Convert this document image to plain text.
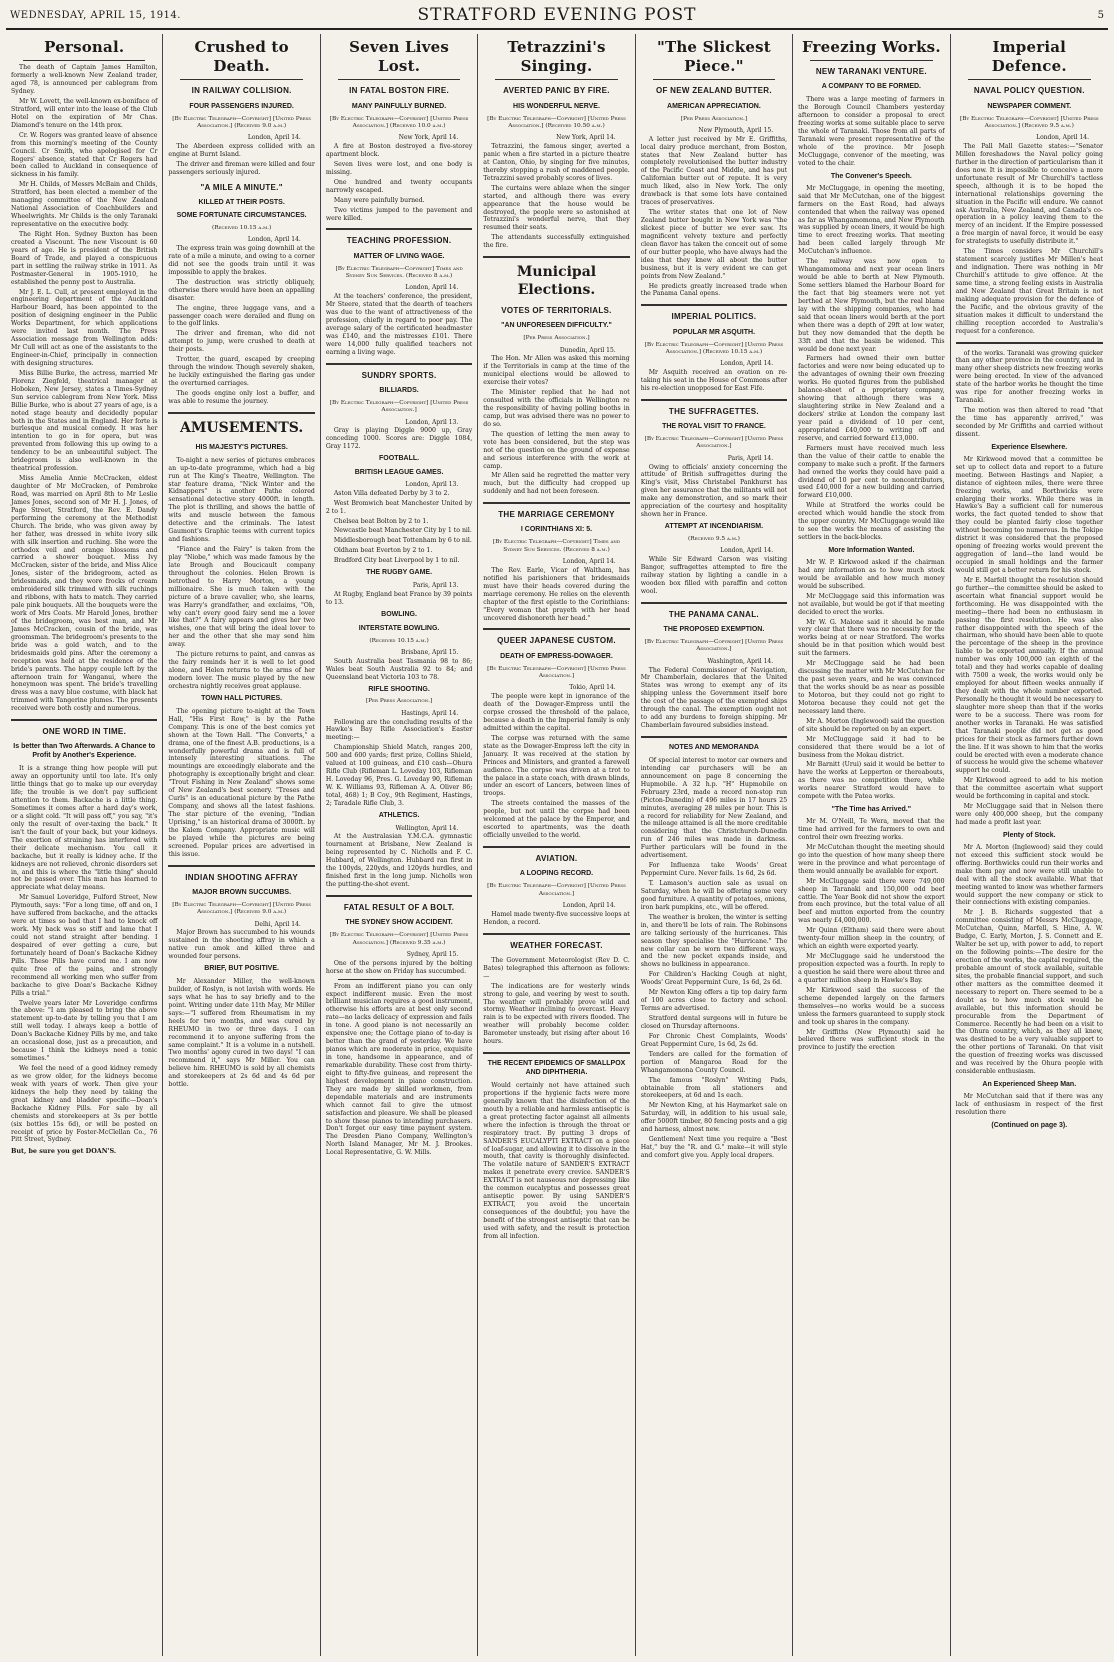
WEDNESDAY, APRIL 15, 1914.	STRATFORD EVENING POST	5
Personal.

The death of Captain James Hamilton, formerly a well-known New Zealand trader, aged 78, is announced per cablegram from Sydney.

Mr W. Lovett, the well-known ex-boniface of Stratford, will enter into the lease of the Club Hotel on the expiration of Mr Chas. Diamond's tenure on the 14th prox.

Cr. W. Rogers was granted leave of absence from this morning's meeting of the County Council. Cr Smith, who apologised for Cr Rogers' absence, stated that Cr Rogers had been called to Auckland in consequence of sickness in his family.

Mr H. Childs, of Messrs McBain and Childs, Stratford, has been elected a member of the managing committee of the New Zealand National Association of Coachbuilders and Wheelwrights. Mr Childs is the only Taranaki representative on the executive body.

The Right Hon. Sydney Buxton has been created a Viscount. The new Viscount is 60 years of age. He is president of the British Board of Trade, and played a conspicuous part in settling the railway strike in 1911. As Postmaster-General in 1905-1910, he established the penny post to Australia.

Mr J. E. L. Cull, at present employed in the engineering department of the Auckland Harbour Board, has been appointed to the position of designing engineer in the Public Works Department, for which applications were invited last month. The Press Association message from Wellington adds: Mr Cull will act as one of the assistants to the Engineer-in-Chief, principally in connection with designing structures.

Miss Billie Burke, the actress, married Mr Florenz Ziegfeld, theatrical manager at Hoboken, New Jersey, states a Times-Sydney Sun service cablegram from New York. Miss Billie Burke, who is about 27 years of age, is a noted stage beauty and decidedly popular both in the States and in England. Her forte is burlesque and musical comedy. It was her intention to go in for opera, but was prevented from following this up owing to a tendency to be an unbeautiful subject. The bridegroom is also well-known in the theatrical profession.

Miss Amelia Annie McCracken, eldest daughter of Mr McCracken, of Pembroke Road, was married on April 8th to Mr Leslie James Jones, second son of Mr H. J. Jones, of Page Street, Stratford, the Rev. E. Dandy performing the ceremony at the Methodist Church. The bride, who was given away by her father, was dressed in white ivory silk with silk insertion and ruching. She wore the orthodox veil and orange blossoms and carried a shower bouquet. Miss Ivy McCracken, sister of the bride, and Miss Alice Jones, sister of the bridegroom, acted as bridesmaids, and they wore frocks of cream embroidered silk trimmed with silk ruchings and ribbons, with hats to match. They carried pale pink bouquets. All the bouquets were the work of Mrs Coats. Mr Harold Jones, brother of the bridegroom, was best man, and Mr James McCracken, cousin of the bride, was groomsman. The bridegroom's presents to the bride was a gold watch, and to the bridesmaids gold pins. After the ceremony a reception was held at the residence of the bride's parents. The happy couple left by the afternoon train for Wanganui, where the honeymoon was spent. The bride's travelling dress was a navy blue costume, with black hat trimmed with Tangerine plumes. The presents received were both costly and numerous.

ONE WORD IN TIME.
Is better than Two Afterwards. A Chance to Profit by Another's Experience.

It is a strange thing how people will put away an opportunity until too late. It's only little things that go to make up our everyday life; the trouble is we don't pay sufficient attention to them. Backache is a little thing. Sometimes it comes after a hard day's work, or a slight cold. "It will pass off," you say, "it's only the result of over-taxing the back." It isn't the fault of your back, but your kidneys. The exertion of straining has interfered with their delicate mechanism. You call it backache, but it really is kidney ache. If the kidneys are not relieved, chronic disorders set in, and this is where the "little thing" should not be passed over. This man has learned to appreciate what delay means.

Mr Samuel Loveridge, Fulford Street, New Plymouth, says: "For a long time, off and on, I have suffered from backache, and the attacks were at times so bad that I had to knock off work. My back was so stiff and lame that I could not stand straight after bending. I despaired of ever getting a cure, but fortunately heard of Doan's Backache Kidney Pills. These Pills have cured me. I am now quite free of the pains, and strongly recommend all working men who suffer from backache to give Doan's Backache Kidney Pills a trial."

Twelve years later Mr Loveridge confirms the above: "I am pleased to bring the above statement up-to-date by telling you that I am still well today. I always keep a bottle of Doan's Backache Kidney Pills by me, and take an occasional dose, just as a precaution, and because I think the kidneys need a tonic sometimes."

We feel the need of a good kidney remedy as we grow older, for the kidneys become weak with years of work. Then give your kidneys the help they need by taking the great kidney and bladder specific—Doan's Backache Kidney Pills. For sale by all chemists and storekeepers at 3s per bottle (six bottles 15s 6d), or will be posted on receipt of price by Foster-McClellan Co., 76 Pitt Street, Sydney.

But, be sure you get DOAN'S.
Crushed to Death.
IN RAILWAY COLLISION.
FOUR PASSENGERS INJURED.
[By Electric Telegraph—Copyright] [United Press Association.] (Received 9.0 a.m.)
London, April 14.

The Aberdeen express collided with an engine at Burnt Island.

The driver and fireman were killed and four passengers seriously injured.

"A MILE A MINUTE."
KILLED AT THEIR POSTS.
SOME FORTUNATE CIRCUMSTANCES.
(Received 10.15 a.m.)
London, April 14.

The express train was going downhill at the rate of a mile a minute, and owing to a corner did not see the goods train until it was impossible to apply the brakes.

The destruction was strictly obliquely, otherwise there would have been an appalling disaster.

The engine, three luggage vans, and a passenger coach were derailed and flung on to the golf links.

The driver and fireman, who did not attempt to jump, were crushed to death at their posts.

Trotter, the guard, escaped by creeping through the window. Though severely shaken, he luckily extinguished the flaring gas under the overturned carriages.

The goods engine only lost a buffer, and was able to resume the journey.

AMUSEMENTS.
HIS MAJESTY'S PICTURES.

To-night a new series of pictures embraces an up-to-date programme, which had a big run at The King's Theatre, Wellington. The star feature drama, "Nick Winter and the Kidnappers" is another Pathe colored sensational detective story 4000ft. in length. The plot is thrilling, and shows the battle of wits and muscle between the famous detective and the criminals. The latest Gaumont's Graphic teems with current topics and fashions.

"Fiance and the Fairy" is taken from the play "Niobe," which was made famous by the late Brough and Boucicault company throughout the colonies. Helen Brown is betrothed to Harry Morton, a young millionaire. She is much taken with the picture of a brave cavalier, who, she learns, was Harry's grandfather, and exclaims, "Oh, why can't every good fairy send me a lover like that?" A fairy appears and gives her two wishes, one that will bring the ideal lover to her and the other that she may send him away.

The picture returns to paint, and canvas as the fairy reminds her it is well to let good alone, and Helen returns to the arms of her modern lover. The music played by the new orchestra nightly receives great applause.

TOWN HALL PICTURES.

The opening picture to-night at the Town Hall, "His First Row," is by the Pathe Company. This is one of the best comics yet shown at the Town Hall. "The Converts," a drama, one of the finest A.B. productions, is a wonderfully powerful drama and is full of intensely interesting situations. The mountings are exceedingly elaborate and the photography is exceptionally bright and clear. "Trout Fishing in New Zealand" shows some of New Zealand's best scenery. "Treses and Curls" is an educational picture by the Pathe Company, and shows all the latest fashions. The star picture of the evening, "Indian Uprising," is an historical drama of 3000ft. by the Kalem Company. Appropriate music will be played while the pictures are being screened. Popular prices are advertised in this issue.

INDIAN SHOOTING AFFRAY
MAJOR BROWN SUCCUMBS.
[By Electric Telegraph—Copyright] [United Press Association.] (Received 9.0 a.m.)
Delhi, April 14.

Major Brown has succumbed to his wounds sustained in the shooting affray in which a native run amok and killed three and wounded four persons.

BRIEF, BUT POSITIVE.

Mr Alexander Miller, the well-known builder, of Roslyn, is not lavish with words. He says what he has to say briefly and to the point. Writing under date 11th May, Mr Miller says:—"I suffered from Rheumatism in my heels for two months, and was cured by RHEUMO in two or three days. I can recommend it to anyone suffering from the same complaint." It is a volume in a nutshell. Two months' agony cured in two days! "I can recommend it," says Mr Miller. You can believe him. RHEUMO is sold by all chemists and storekeepers at 2s 6d and 4s 6d per bottle.

Seven Lives Lost.
IN FATAL BOSTON FIRE.
MANY PAINFULLY BURNED.
[By Electric Telegraph—Copyright] [United Press Association.] (Received 10.0 a.m.)
New York, April 14.

A fire at Boston destroyed a five-storey apartment block.

Seven lives were lost, and one body is missing.

One hundred and twenty occupants narrowly escaped.

Many were painfully burned.

Two victims jumped to the pavement and were killed.

TEACHING PROFESSION.
MATTER OF LIVING WAGE.
[By Electric Telegraph—Copyright] Times and Sydney Sun Services. (Received 8 a.m.)
London, April 14.

At the teachers' conference, the president, Mr Steere, stated that the dearth of teachers was due to the want of attractiveness of the profession, chiefly in regard to poor pay. The average salary of the certificated headmaster was £140, and the mistresses £101. There were 14,000 fully qualified teachers not earning a living wage.

SUNDRY SPORTS.
BILLIARDS.
[By Electric Telegraph—Copyright] [United Press Association.]
London, April 13.

Gray is playing Diggle 9000 up, Gray conceding 1000. Scores are: Diggle 1084, Gray 1172.

FOOTBALL.
BRITISH LEAGUE GAMES.
London, April 13.

Aston Villa defeated Derby by 3 to 2.

West Bromwich beat Manchester United by 2 to 1.

Chelsea beat Bolton by 2 to 1.

Newcastle beat Manchester City by 1 to nil.

Middlesborough beat Tottenham by 6 to nil.

Oldham beat Everton by 2 to 1.

Bradford City beat Liverpool by 1 to nil.

THE RUGBY GAME.
Paris, April 13.

At Rugby, England beat France by 39 points to 13.

BOWLING.
INTERSTATE BOWLING.
(Received 10.15 a.m.)
Brisbane, April 15.

South Australia beat Tasmania 98 to 86; Wales beat South Australia 92 to 84; and Queensland beat Victoria 103 to 78.

RIFLE SHOOTING.
[Per Press Association.]
Hastings, April 14.

Following are the concluding results of the Hawke's Bay Rifle Association's Easter meeting:—

Championship Shield Match, ranges 200, 500 and 600 yards; first prize, Collins Shield, valued at 100 guineas, and £10 cash—Ohura Rifle Club (Rifleman L. Loveday 103, Rifleman H. Loveday 96, Pres. G. Loveday 90, Rifleman W. K. Williams 93, Rifleman A. A. Oliver 86; total, 468) 1; B Coy., 9th Regiment, Hastings, 2; Taradale Rifle Club, 3.

ATHLETICS.
Wellington, April 14.

At the Australasian Y.M.C.A. gymnastic tournament at Brisbane, New Zealand is being represented by C. Nicholls and F. C. Hubbard, of Wellington. Hubbard ran first in the 100yds, 220yds, and 120yds hurdles, and finished first in the long jump. Nicholls won the putting-the-shot event.

FATAL RESULT OF A BOLT.
THE SYDNEY SHOW ACCIDENT.
[By Electric Telegraph—Copyright] [United Press Association.] (Received 9.35 a.m.)
Sydney, April 15.

One of the persons injured by the bolting horse at the show on Friday has succumbed.

From an indifferent piano you can only expect indifferent music. Even the most brilliant musician requires a good instrument, otherwise his efforts are at best only second rate—no lacks delicacy of expression and fails in tone. A good piano is not necessarily an expensive one; the Cottage piano of to-day is better than the grand of yesterday. We have pianos which are moderate in price, exquisite in tone, handsome in appearance, and of remarkable durability. These cost from thirty-eight to fifty-five guineas, and represent the highest development in piano construction. They are made by skilled workmen, from dependable materials and are instruments which cannot fail to give the utmost satisfaction and pleasure. We shall be pleased to show these pianos to intending purchasers. Don't forget our easy time payment system. The Dresden Piano Company, Wellington's North Island Manager, Mr M. J. Brookes. Local Representative, G. W. Mills.

Tetrazzini's Singing.
AVERTED PANIC BY FIRE.
HIS WONDERFUL NERVE.
[By Electric Telegraph—Copyright] [United Press Association.] (Received 10.50 a.m.)
New York, April 14.

Tetrazzini, the famous singer, averted a panic when a fire started in a picture theatre at Canton, Ohio, by singing for five minutes, thereby stopping a rush of maddened people. Tetrazzini saved probably scores of lives.

The curtains were ablaze when the singer started, and although there was every appearance that the house would be destroyed, the people were so astonished at Tetrazzini's wonderful nerve, that they resumed their seats.

The attendants successfully extinguished the fire.

Municipal Elections.
VOTES OF TERRITORIALS.
"AN UNFORESEEN DIFFICULTY."
[Per Press Association.]
Dunedin, April 15.

The Hon. Mr Allen was asked this morning if the Territorials in camp at the time of the municipal elections would be allowed to exercise their votes?

The Minister replied that he had not consulted with the officials in Wellington re the responsibility of having polling booths in camp, but was advised there was no power to do so.

The question of letting the men away to vote has been considered, but the step was not of the question on the ground of expense and serious interference with the work at camp.

Mr Allen said he regretted the matter very much, but the difficulty had cropped up suddenly and had not been foreseen.

THE MARRIAGE CEREMONY
I CORINTHIANS XI: 5.
[By Electric Telegraph—Copyright] Times and Sydney Sun Services. (Received 8 a.m.)
London, April 14.

The Rev. Earle, Vicar of Waltham, has notified his parishioners that bridesmaids must have their heads covered during the marriage ceremony. He relies on the eleventh chapter of the first epistle to the Corinthians: "Every woman that prayeth with her head uncovered dishonoreth her head."

QUEER JAPANESE CUSTOM.
DEATH OF EMPRESS-DOWAGER.
[By Electric Telegraph—Copyright] [United Press Association.]
Tokio, April 14.

The people were kept in ignorance of the death of the Dowager-Empress until the corpse crossed the threshold of the palace, because a death in the Imperial family is only admitted within the capital.

The corpse was returned with the same state as the Dowager-Empress left the city in January. It was received at the station by Princes and Ministers, and granted a farewell audience. The corpse was driven at a trot to the palace in a state coach, with drawn blinds, under an escort of Lancers, between lines of troops.

The streets contained the masses of the people, but not until the corpse had been welcomed at the palace by the Emperor, and escorted to apartments, was the death officially unveiled to the world.

AVIATION.
A LOOPING RECORD.
[By Electric Telegraph—Copyright] [United Press Association.]
London, April 14.

Hamel made twenty-five successive loops at Hendon, a record.

WEATHER FORECAST.

The Government Meteorologist (Rev D. C. Bates) telegraphed this afternoon as follows:—

The indications are for westerly winds strong to gale, and veering by west to south. The weather will probably prove wild and stormy. Weather inclining to overcast. Heavy rain is to be expected with rivers flooded. The weather will probably become colder. Barometer unsteady, but rising after about 16 hours.

THE RECENT EPIDEMICS OF SMALLPOX AND DIPHTHERIA.

Would certainly not have attained such proportions if the hygienic facts were more generally known that the disinfection of the mouth by a reliable and harmless antiseptic is a great protecting factor against all ailments where the infection is through the throat or respiratory tract. By putting 3 drops of SANDER'S EUCALYPTI EXTRACT on a piece of loaf-sugar, and allowing it to dissolve in the mouth, that cavity is thoroughly disinfected. The volatile nature of SANDER'S EXTRACT makes it penetrate every crevice. SANDER'S EXTRACT is not nauseous nor depressing like the common eucalyptus and possesses great antiseptic power. By using SANDER'S EXTRACT, you avoid the uncertain consequences of the doubtful; you have the benefit of the strongest antiseptic that can be used with safety, and the result is protection from all infection.

"The Slickest Piece."
OF NEW ZEALAND BUTTER.
AMERICAN APPRECIATION.
[Per Press Association.]
New Plymouth, April 15.

A letter just received by Mr E. Griffiths, local dairy produce merchant, from Boston, states that New Zealand butter has completely revolutionised the butter industry of the Pacific Coast and Middle, and has put Californian butter out of repute. It is very much liked, also in New York. The only drawback is that some lots have contained traces of preservatives.

The writer states that one lot of New Zealand butter bought in New York was "the slickest piece of butter we ever saw. Its magnificent velvety texture and perfectly clean flavor has taken the conceit out of some of our butter people, who have always had the idea that they knew all about the butter business, but it is very evident we can get points from New Zealand."

He predicts greatly increased trade when the Panama Canal opens.

IMPERIAL POLITICS.
POPULAR MR ASQUITH.
[By Electric Telegraph—Copyright] [United Press Association.] (Received 10.15 a.m.)
London, April 14.

Mr Asquith received an ovation on re-taking his seat in the House of Commons after his re-election unopposed for East Fife.

THE SUFFRAGETTES.
THE ROYAL VISIT TO FRANCE.
[By Electric Telegraph—Copyright] [United Press Association.]
Paris, April 14.

Owing to officials' anxiety concerning the attitude of British suffragettes during the King's visit, Miss Christabel Pankhurst has given her assurance that the militants will not make any demonstration, and so mark their appreciation of the courtesy and hospitality shown her in France.

ATTEMPT AT INCENDIARISM.
(Received 9.5 a.m.)
London, April 14.

While Sir Edward Carson was visiting Bangor, suffragettes attempted to fire the railway station by lighting a candle in a wooden box filled with paraffin and cotton wool.

THE PANAMA CANAL.
THE PROPOSED EXEMPTION.
[By Electric Telegraph—Copyright] [United Press Association.]
Washington, April 14.

The Federal Commissioner of Navigation, Mr Chamberlain, declares that the United States was wrong to exempt any of its shipping unless the Government itself bore the cost of the passage of the exempted ships through the canal. The exemption ought not to add any burdens to foreign shipping. Mr Chamberlain favoured subsidies instead.

NOTES AND MEMORANDA

Of special interest to motor car owners and intending car purchasers will be an announcement on page 8 concerning the Hupmobile. A 32 h.p. "H" Hupmobile on February 23rd, made a record non-stop run (Picton-Dunedin) of 496 miles in 17 hours 25 minutes, averaging 28 miles per hour. This is a record for reliability for New Zealand, and the mileage attained is all the more creditable considering that the Christchurch-Dunedin run of 246 miles was made in darkness. Further particulars will be found in the advertisement.

For Influenza take Woods' Great Peppermint Cure. Never fails. 1s 6d, 2s 6d.

T. Lamason's auction sale as usual on Saturday, when he will be offering some very good furniture. A quantity of potatoes, onions, iron bark pumpkins, etc., will be offered.

The weather is broken, the winter is setting in, and there'll be lots of rain. The Robinsons are talking seriously of the hurricanes. This season they specialise the "Hurricane." The new collar can be worn two different ways, and the new pocket expands inside, and shows no bulkiness in appearance.

For Children's Hacking Cough at night, Woods' Great Peppermint Cure, 1s 6d, 2s 6d.

Mr Newton King offers a tip top dairy farm of 100 acres close to factory and school. Terms are advertised.

Stratford dental surgeons will in future be closed on Thursday afternoons.

For Chronic Chest Complaints, Woods' Great Peppermint Cure, 1s 6d, 2s 6d.

Tenders are called for the formation of portion of Mangaroa Road for the Whangamomona County Council.

The famous "Roslyn" Writing Pads, obtainable from all stationers and storekeepers, at 6d and 1s each.

Mr Newton King, at his Haymarket sale on Saturday, will, in addition to his usual sale, offer 5000ft timber, 80 fencing posts and a gig and harness, almost new.

Gentlemen! Next time you require a "Best Hat," buy the "R. and G." make—it will style and comfort give you. Apply local drapers.

Freezing Works.
NEW TARANAKI VENTURE.
A COMPANY TO BE FORMED.

There was a large meeting of farmers in the Borough Council Chambers yesterday afternoon to consider a proposal to erect freezing works at some suitable place to serve the whole of Taranaki. Those from all parts of Taranaki were present representative of the whole of the province. Mr Joseph McCluggage, convenor of the meeting, was voted to the chair.

The Convener's Speech.

Mr McCluggage, in opening the meeting, said that Mr McCutchan, one of the biggest farmers on the East Road, had always contended that when the railway was opened as far as Whangamomona, and New Plymouth was supplied by ocean liners, it would be high time to erect freezing works. That meeting had been called largely through Mr McCutchan's influence.

The railway was now open to Whangamomona and next year ocean liners would be able to berth at New Plymouth. Some settlers blamed the Harbour Board for the fact that big steamers were not yet berthed at New Plymouth, but the real blame lay with the shipping companies, who had said that ocean liners would berth at the port when there was a depth of 29ft at low water, but they now demanded that the depth be 33ft and that the basin be widened. This would be done next year.

Farmers had owned their own butter factories and were now being educated up to the advantages of owning their own freezing works. He quoted figures from the published balance-sheet of a proprietary company, showing that although there was a slaughtering strike in New Zealand and a dockers' strike at London the company last year paid a dividend of 10 per cent, appropriated £40,000 to writing off and reserve, and carried forward £13,000.

Farmers must have received much less than the value of their cattle to enable the company to make such a profit. If the farmers had owned the works they could have paid a dividend of 10 per cent to noncontributors, used £40,000 for a new building and carried forward £10,000.

While at Stratford the works could be erected which would handle the stock from the upper country. Mr McCluggage would like to see the works the means of assisting the settlers in the back-blocks.

More Information Wanted.

Mr W. P. Kirkwood asked if the chairman had any information as to how much stock would be available and how much money would be subscribed.

Mr McCluggage said this information was not available, but would be got if that meeting decided to erect the works.

Mr W. G. Malone said it should be made very clear that there was no necessity for the works being at or near Stratford. The works should be in that position which would best suit the farmers.

Mr McCluggage said he had been discussing the matter with Mr McCutchan for the past seven years, and he was convinced that the works should be as near as possible to Motoroa, but they could not go right to Motoroa because they could not get the necessary land there.

Mr A. Morton (Inglewood) said the question of site should be reported on by an expert.

Mr McCluggage said it had to be considered that there would be a lot of business from the Mokau district.

Mr Barnitt (Urui) said it would be better to have the works at Lepperton or thereabouts, as there was no competition there, while works nearer Stratford would have to compete with the Patea works.

"The Time has Arrived."

Mr M. O'Neill, Te Wera, moved that the time had arrived for the farmers to own and control their own freezing works.

Mr McCutchan thought the meeting should go into the question of how many sheep there were in the province and what percentage of them would annually be available for export.

Mr McCluggage said there were 749,000 sheep in Taranaki and 150,000 odd beef cattle. The Year Book did not show the export from each province, but the total value of all beef and mutton exported from the country was nearly £4,000,000.

Mr Quinn (Eltham) said there were about twenty-four million sheep in the country, of which an eighth were exported yearly.

Mr McCluggage said he understood the proposition expected was a fourth. In reply to a question he said there were about three and a quarter million sheep in Hawke's Bay.

Mr Kirkwood said the success of the scheme depended largely on the farmers themselves—no works would be a success unless the farmers guaranteed to supply stock and took up shares in the company.

Mr Griffiths (New Plymouth) said he believed there was sufficient stock in the province to justify the erection

Imperial Defence.
NAVAL POLICY QUESTION.
NEWSPAPER COMMENT.
[By Electric Telegraph—Copyright] [United Press Association.] (Received 9.5 a.m.)
London, April 14.

The Pall Mall Gazette states:—"Senator Millen foreshadows the Naval policy going further in the direction of particularism than it does now. It is impossible to conceive a more unfortunate result of Mr Churchill's tactless speech, although it is to be hoped the international relationships governing the situation in the Pacific will endure. We cannot ask Australia, New Zealand, and Canada's co-operation in a policy leaving them to the mercy of an incident. If the Empire possessed a free margin of naval force, it would be easy for strategists to usefully distribute it."

The Times considers Mr Churchill's statement scarcely justifies Mr Millen's heat and indignation. There was nothing in Mr Churchill's attitude to give offence. At the same time, a strong feeling exists in Australia and New Zealand that Great Britain is not making adequate provision for the defence of the Pacific, and the obvious gravity of the situation makes it difficult to understand the chilling reception accorded to Australia's request for a conference.

of the works. Taranaki was growing quicker than any other province in the country, and in many other sheep districts new freezing works were being erected. In view of the advanced state of the harbor works he thought the time was ripe for another freezing works in Taranaki.

The motion was then altered to read "that the time has apparently arrived," was seconded by Mr Griffiths and carried without dissent.

Experience Elsewhere.

Mr Kirkwood moved that a committee be set up to collect data and report to a future meeting. Between Hastings and Napier, a distance of eighteen miles, there were three freezing works, and Borthwicks were enlarging their works. While there was in Hawke's Bay a sufficient call for numerous works, the fact quoted tended to show that they could be planted fairly close together without becoming too numerous. In the Tokipe district it was considered that the proposed opening of freezing works would prevent the aggregation of land—the land would be occupied in small holdings and the farmer would still get a better return for his stock.

Mr E. Marfell thought the resolution should go further—the committee should be asked to ascertain what financial support would be forthcoming. He was disappointed with the meeting—there had been no enthusiasm in passing the first resolution. He was also rather disappointed with the speech of the chairman, who should have been able to quote the percentage of the sheep in the province liable to be exported annually. If the annual number was only 100,000 (an eighth of the total) and they had works capable of dealing with 7500 a week, the works would only be employed for about fifteen weeks annually if they dealt with the whole number exported. Personally he thought it would be necessary to slaughter more sheep than that if the works were to be a success. There was room for another works in Taranaki. He was satisfied that Taranaki people did not get as good prices for their stock as farmers further down the line. If it was shown to him that the works could be erected with even a moderate chance of success he would give the scheme whatever support he could.

Mr Kirkwood agreed to add to his motion that the committee ascertain what support would be forthcoming in capital and stock.

Mr McCluggage said that in Nelson there were only 400,000 sheep, but the company had made a profit last year.

Plenty of Stock.

Mr A. Morton (Inglewood) said they could not exceed this sufficient stock would be offering. Borthwicks could run their works and make them pay and now were still unable to deal with all the stock available. What that meeting wanted to know was whether farmers would support the new company or stick to their connections with existing companies.

Mr J. B. Richards suggested that a committee consisting of Messrs McCluggage, McCutchan, Quinn, Marfell, S. Hine, A. W. Budge, C. Early, Morton, J. S. Connett and E. Walter be set up, with power to add, to report on the following points:—The desire for the erection of the works, the capital required, the probable amount of stock available, suitable sites, the probable financial support, and such other matters as the committee deemed it necessary to report on. There seemed to be a doubt as to how much stock would be available, but this information should be procurable from the Department of Commerce. Recently he had been on a visit to the Ohura country, which, as they all knew, was destined to be a very valuable support to the other portions of Taranaki. On that visit the question of freezing works was discussed and was received by the Ohura people with considerable enthusiasm.

An Experienced Sheep Man.

Mr McCutchan said that if there was any lack of enthusiasm in respect of the first resolution there

(Continued on page 3).
